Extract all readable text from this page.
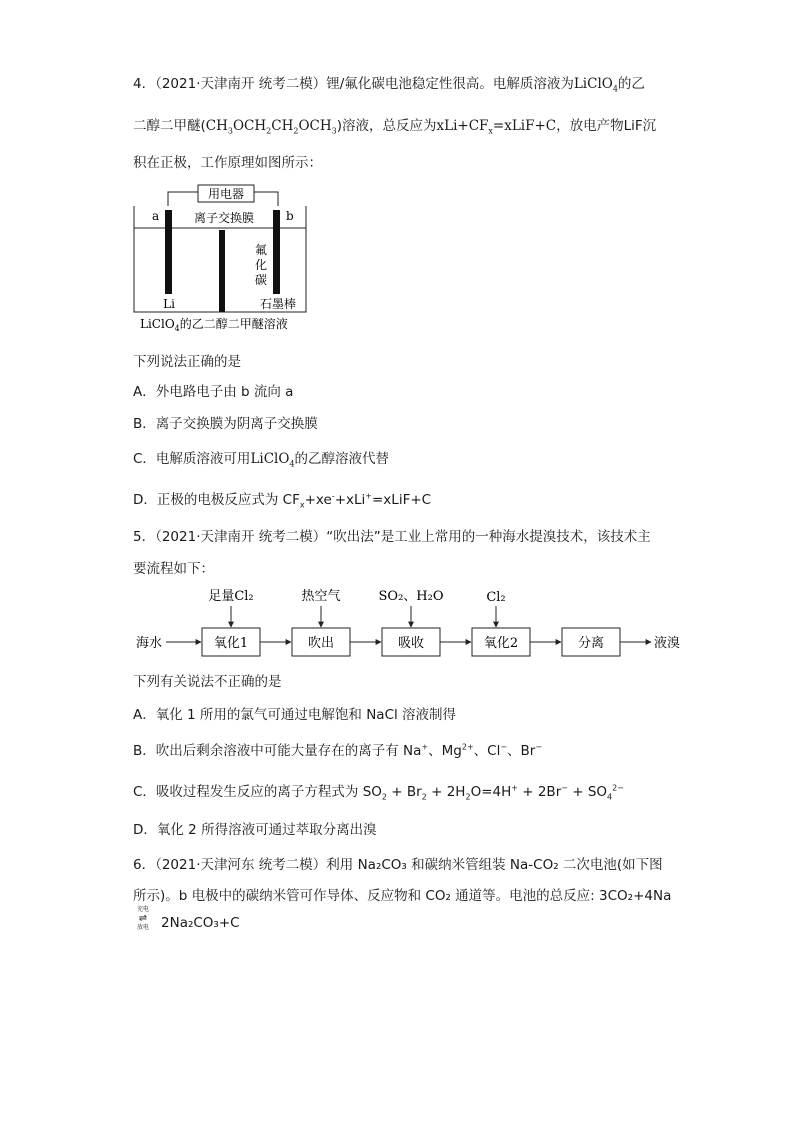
4．（2021·天津南开 统考二模）锂/氟化碳电池稳定性很高。电解质溶液为LiClO$_4$的乙
二醇二甲醚$(CH_3OCH_2CH_2OCH_3)$溶液，总反应为$xLi+CF_x=xLiF+C$，放电产物LiF沉
积在正极，工作原理如图所示：
用电器
a	b
离子交换膜
氟
化
碳
Li	石墨棒
LiClO$_4$的乙二醇二甲醚溶液
下列说法正确的是
A．外电路电子由 b 流向 a
B．离子交换膜为阴离子交换膜
C．电解质溶液可用LiClO$_4$的乙醇溶液代替
D．正极的电极反应式为 $CF_x+xe^-+xLi^+=xLiF+C$
5．（2021·天津南开 统考二模）“吹出法”是工业上常用的一种海水提溴技术，该技术主
要流程如下：
海水	氧化1	吹出	吸收	氧化2	分离	液溴
足量Cl₂	热空气	SO₂、H₂O	Cl₂
下列有关说法不正确的是
A．氧化 1 所用的氯气可通过电解饱和 NaCl 溶液制得
B．吹出后剩余溶液中可能大量存在的离子有 Na+、$Mg^{2+}$、Cl−、Br−
C．吸收过程发生反应的离子方程式为 $SO_2 + Br_2 + 2H_2O=4H^+ + 2Br^- + SO_4^{2-}$
D．氧化 2 所得溶液可通过萃取分离出溴
6．（2021·天津河东 统考二模）利用 Na₂CO₃ 和碳纳米管组装 Na-CO₂ 二次电池(如下图
所示)。b 电极中的碳纳米管可作导体、反应物和 CO₂ 通道等。电池的总反应: 3CO₂+4Na
充电
⇌
放电 2Na₂CO₃+C
